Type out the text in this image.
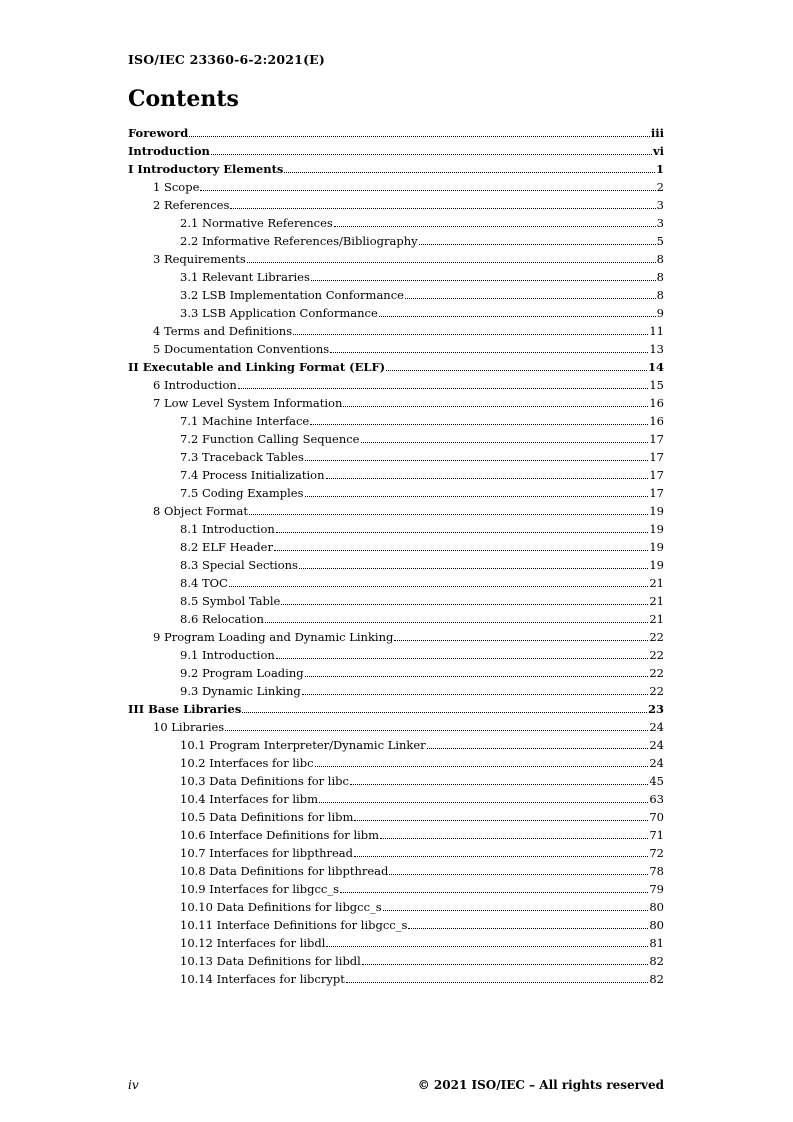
ISO/IEC 23360-6-2:2021(E)
Contents
Foreword	iii
Introduction	vi
I Introductory Elements	1
1 Scope	2
2 References	3
2.1 Normative References	3
2.2 Informative References/Bibliography	5
3 Requirements	8
3.1 Relevant Libraries	8
3.2 LSB Implementation Conformance	8
3.3 LSB Application Conformance	9
4 Terms and Definitions	11
5 Documentation Conventions	13
II Executable and Linking Format (ELF)	14
6 Introduction	15
7 Low Level System Information	16
7.1 Machine Interface	16
7.2 Function Calling Sequence	17
7.3 Traceback Tables	17
7.4 Process Initialization	17
7.5 Coding Examples	17
8 Object Format	19
8.1 Introduction	19
8.2 ELF Header	19
8.3 Special Sections	19
8.4 TOC	21
8.5 Symbol Table	21
8.6 Relocation	21
9 Program Loading and Dynamic Linking	22
9.1 Introduction	22
9.2 Program Loading	22
9.3 Dynamic Linking	22
III Base Libraries	23
10 Libraries	24
10.1 Program Interpreter/Dynamic Linker	24
10.2 Interfaces for libc	24
10.3 Data Definitions for libc	45
10.4 Interfaces for libm	63
10.5 Data Definitions for libm	70
10.6 Interface Definitions for libm	71
10.7 Interfaces for libpthread	72
10.8 Data Definitions for libpthread	78
10.9 Interfaces for libgcc_s	79
10.10 Data Definitions for libgcc_s	80
10.11 Interface Definitions for libgcc_s	80
10.12 Interfaces for libdl	81
10.13 Data Definitions for libdl	82
10.14 Interfaces for libcrypt	82
iv	© 2021 ISO/IEC – All rights reserved
